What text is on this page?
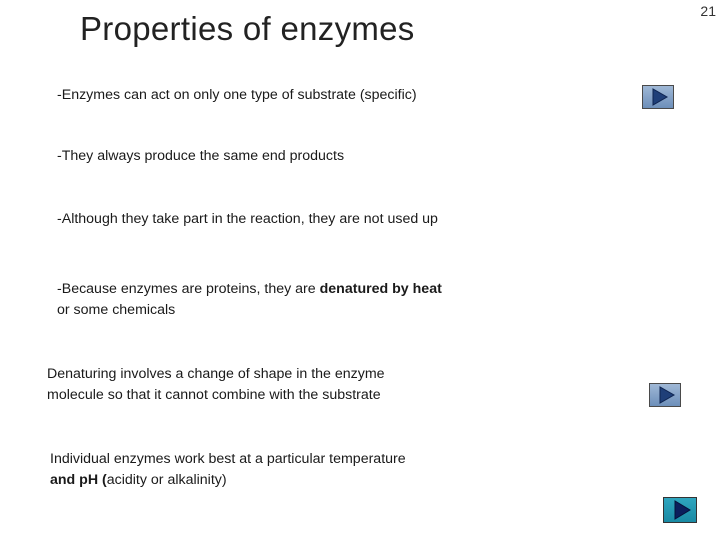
Properties of enzymes	21
-Enzymes can act on only one type of substrate (specific)
-They always produce the same end products
-Although they take part in the reaction, they are not used up
-Because enzymes are proteins, they are denatured by heat
or some chemicals
Denaturing involves a change of shape in the enzyme
molecule so that it cannot combine with the substrate
Individual enzymes work best at a particular temperature
and pH (acidity or alkalinity)
